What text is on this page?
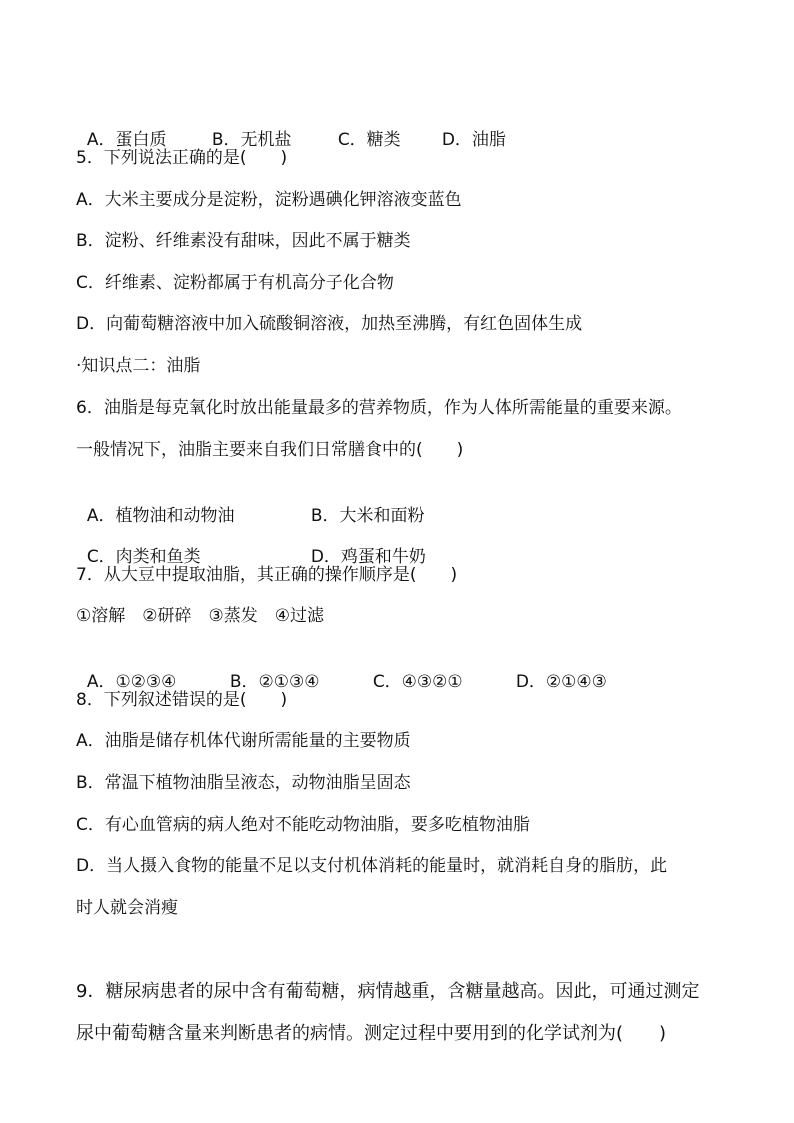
A．蛋白质	B．无机盐	C．糖类 D．油脂

5．下列说法正确的是(　　)
A．大米主要成分是淀粉，淀粉遇碘化钾溶液变蓝色
B．淀粉、纤维素没有甜味，因此不属于糖类
C．纤维素、淀粉都属于有机高分子化合物
D．向葡萄糖溶液中加入硫酸铜溶液，加热至沸腾，有红色固体生成
·知识点二：油脂
6．油脂是每克氧化时放出能量最多的营养物质，作为人体所需能量的重要来源。
一般情况下，油脂主要来自我们日常膳食中的(　　)

A．植物油和动物油	B．大米和面粉

C．肉类和鱼类	D．鸡蛋和牛奶

7．从大豆中提取油脂，其正确的操作顺序是(　　)
①溶解　②研碎　③蒸发　④过滤

A．①②③④	B．②①③④	C．④③②①	D．②①④③

8．下列叙述错误的是(　　)
A．油脂是储存机体代谢所需能量的主要物质
B．常温下植物油脂呈液态，动物油脂呈固态
C．有心血管病的病人绝对不能吃动物油脂，要多吃植物油脂
D．当人摄入食物的能量不足以支付机体消耗的能量时，就消耗自身的脂肪，此
时人就会消瘦
9．糖尿病患者的尿中含有葡萄糖，病情越重，含糖量越高。因此，可通过测定
尿中葡萄糖含量来判断患者的病情。测定过程中要用到的化学试剂为(　　)
